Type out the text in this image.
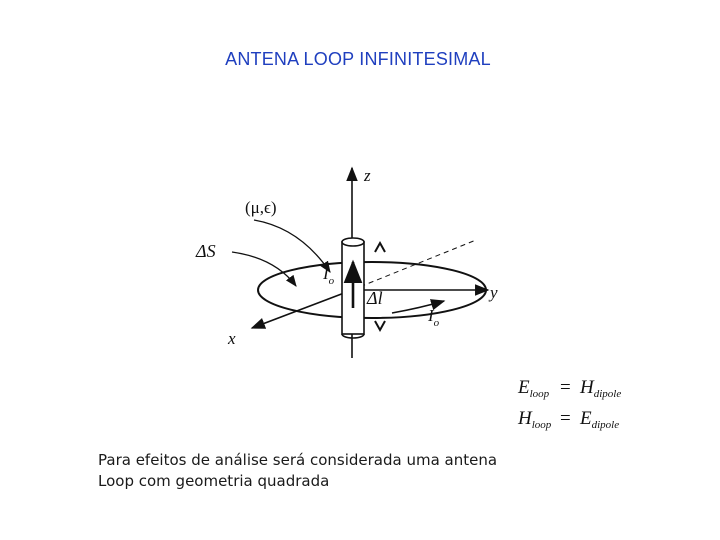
ANTENA LOOP INFINITESIMAL
z
y
x
ΔS
(μ,ϵ)
$I_o$
Δl
$I_o$
$E_{loop} = H_{dipole}$
$H_{loop} = E_{dipole}$
Para efeitos de análise será considerada uma antena
Loop com geometria quadrada
